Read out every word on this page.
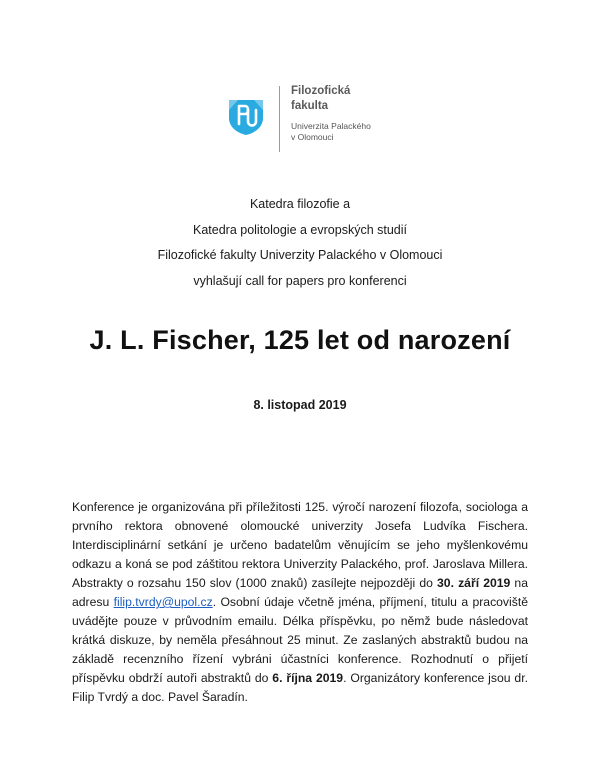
Filozofická
fakulta
Univerzita Palackého
v Olomouci
Katedra filozofie a
Katedra politologie a evropských studií
Filozofické fakulty Univerzity Palackého v Olomouci
vyhlašují call for papers pro konferenci
J. L. Fischer, 125 let od narození
8. listopad 2019
Konference je organizována při příležitosti 125. výročí narození filozofa, sociologa a prvního rektora obnovené olomoucké univerzity Josefa Ludvíka Fischera. Interdisciplinární setkání je určeno badatelům věnujícím se jeho myšlenkovému odkazu a koná se pod záštitou rektora Univerzity Palackého, prof. Jaroslava Millera. Abstrakty o rozsahu 150 slov (1000 znaků) zasílejte nejpozději do 30. září 2019 na adresu filip.tvrdy@upol.cz. Osobní údaje včetně jména, příjmení, titulu a pracoviště uvádějte pouze v průvodním emailu. Délka příspěvku, po němž bude následovat krátká diskuze, by neměla přesáhnout 25 minut. Ze zaslaných abstraktů budou na základě recenzního řízení vybráni účastníci konference. Rozhodnutí o přijetí příspěvku obdrží autoři abstraktů do 6. října 2019. Organizátory konference jsou dr. Filip Tvrdý a doc. Pavel Šaradín.
